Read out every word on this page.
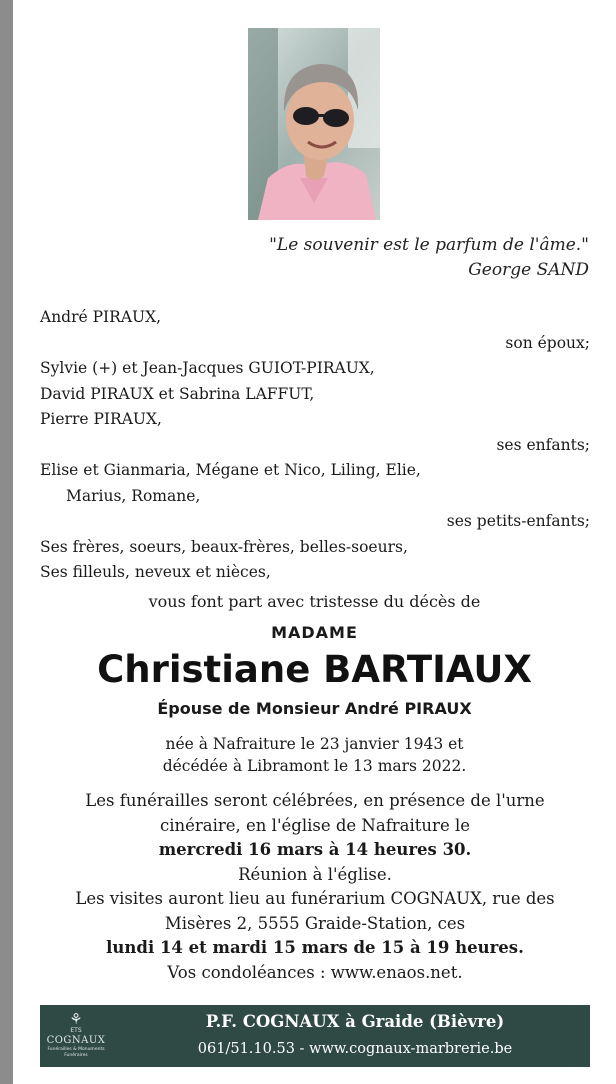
"Le souvenir est le parfum de l'âme."
George SAND
André PIRAUX,
son époux;
Sylvie (+) et Jean-Jacques GUIOT-PIRAUX,
David PIRAUX et Sabrina LAFFUT,
Pierre PIRAUX,
ses enfants;
Elise et Gianmaria, Mégane et Nico, Liling, Elie,
Marius, Romane,
ses petits-enfants;
Ses frères, soeurs, beaux-frères, belles-soeurs,
Ses filleuls, neveux et nièces,
vous font part avec tristesse du décès de
MADAME
Christiane BARTIAUX
Épouse de Monsieur André PIRAUX
née à Nafraiture le 23 janvier 1943 et
décédée à Libramont le 13 mars 2022.
Les funérailles seront célébrées, en présence de l'urne
cinéraire, en l'église de Nafraiture le
mercredi 16 mars à 14 heures 30.
Réunion à l'église.
Les visites auront lieu au funérarium COGNAUX, rue des
Misères 2, 5555 Graide-Station, ces
lundi 14 et mardi 15 mars de 15 à 19 heures.
Vos condoléances : www.enaos.net.
⚘
ETS
COGNAUX
Funérailles & Monuments Funéraires
P.F. COGNAUX à Graide (Bièvre)
061/51.10.53 - www.cognaux-marbrerie.be
